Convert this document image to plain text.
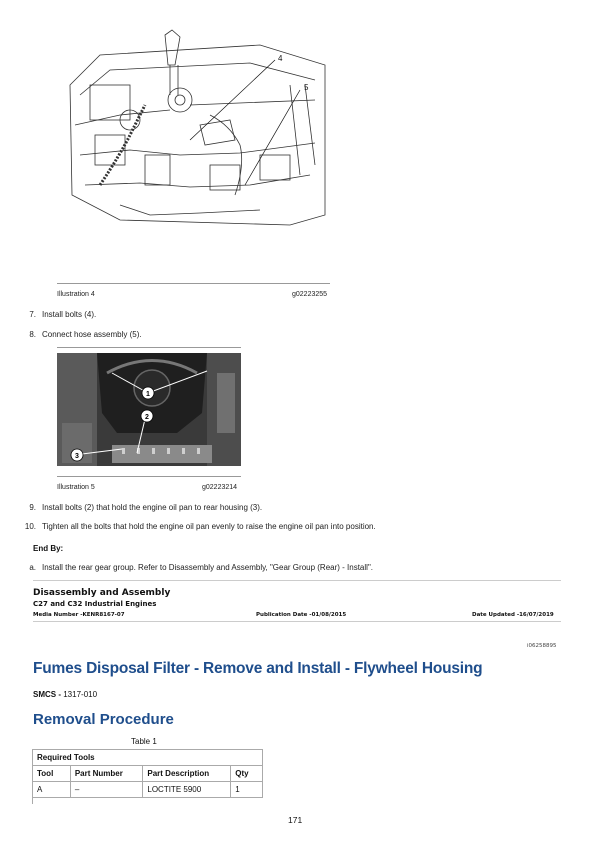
4
5
Illustration 4	g02223255
7. Install bolts (4).
8. Connect hose assembly (5).
1
2
3
Illustration 5	g02223214
9. Install bolts (2) that hold the engine oil pan to rear housing (3).
10. Tighten all the bolts that hold the engine oil pan evenly to raise the engine oil pan into position.
End By:
a. Install the rear gear group. Refer to Disassembly and Assembly, "Gear Group (Rear) - Install".
Disassembly and Assembly
C27 and C32 Industrial Engines
Media Number -KENR8167-07	Publication Date -01/08/2015	Date Updated -16/07/2019
i06258895
Fumes Disposal Filter - Remove and Install - Flywheel Housing
SMCS - 1317-010
Removal Procedure
Table 1
Required Tools			
Tool	Part Number	Part Description	Qty
A	–	LOCTITE 5900	1

171
